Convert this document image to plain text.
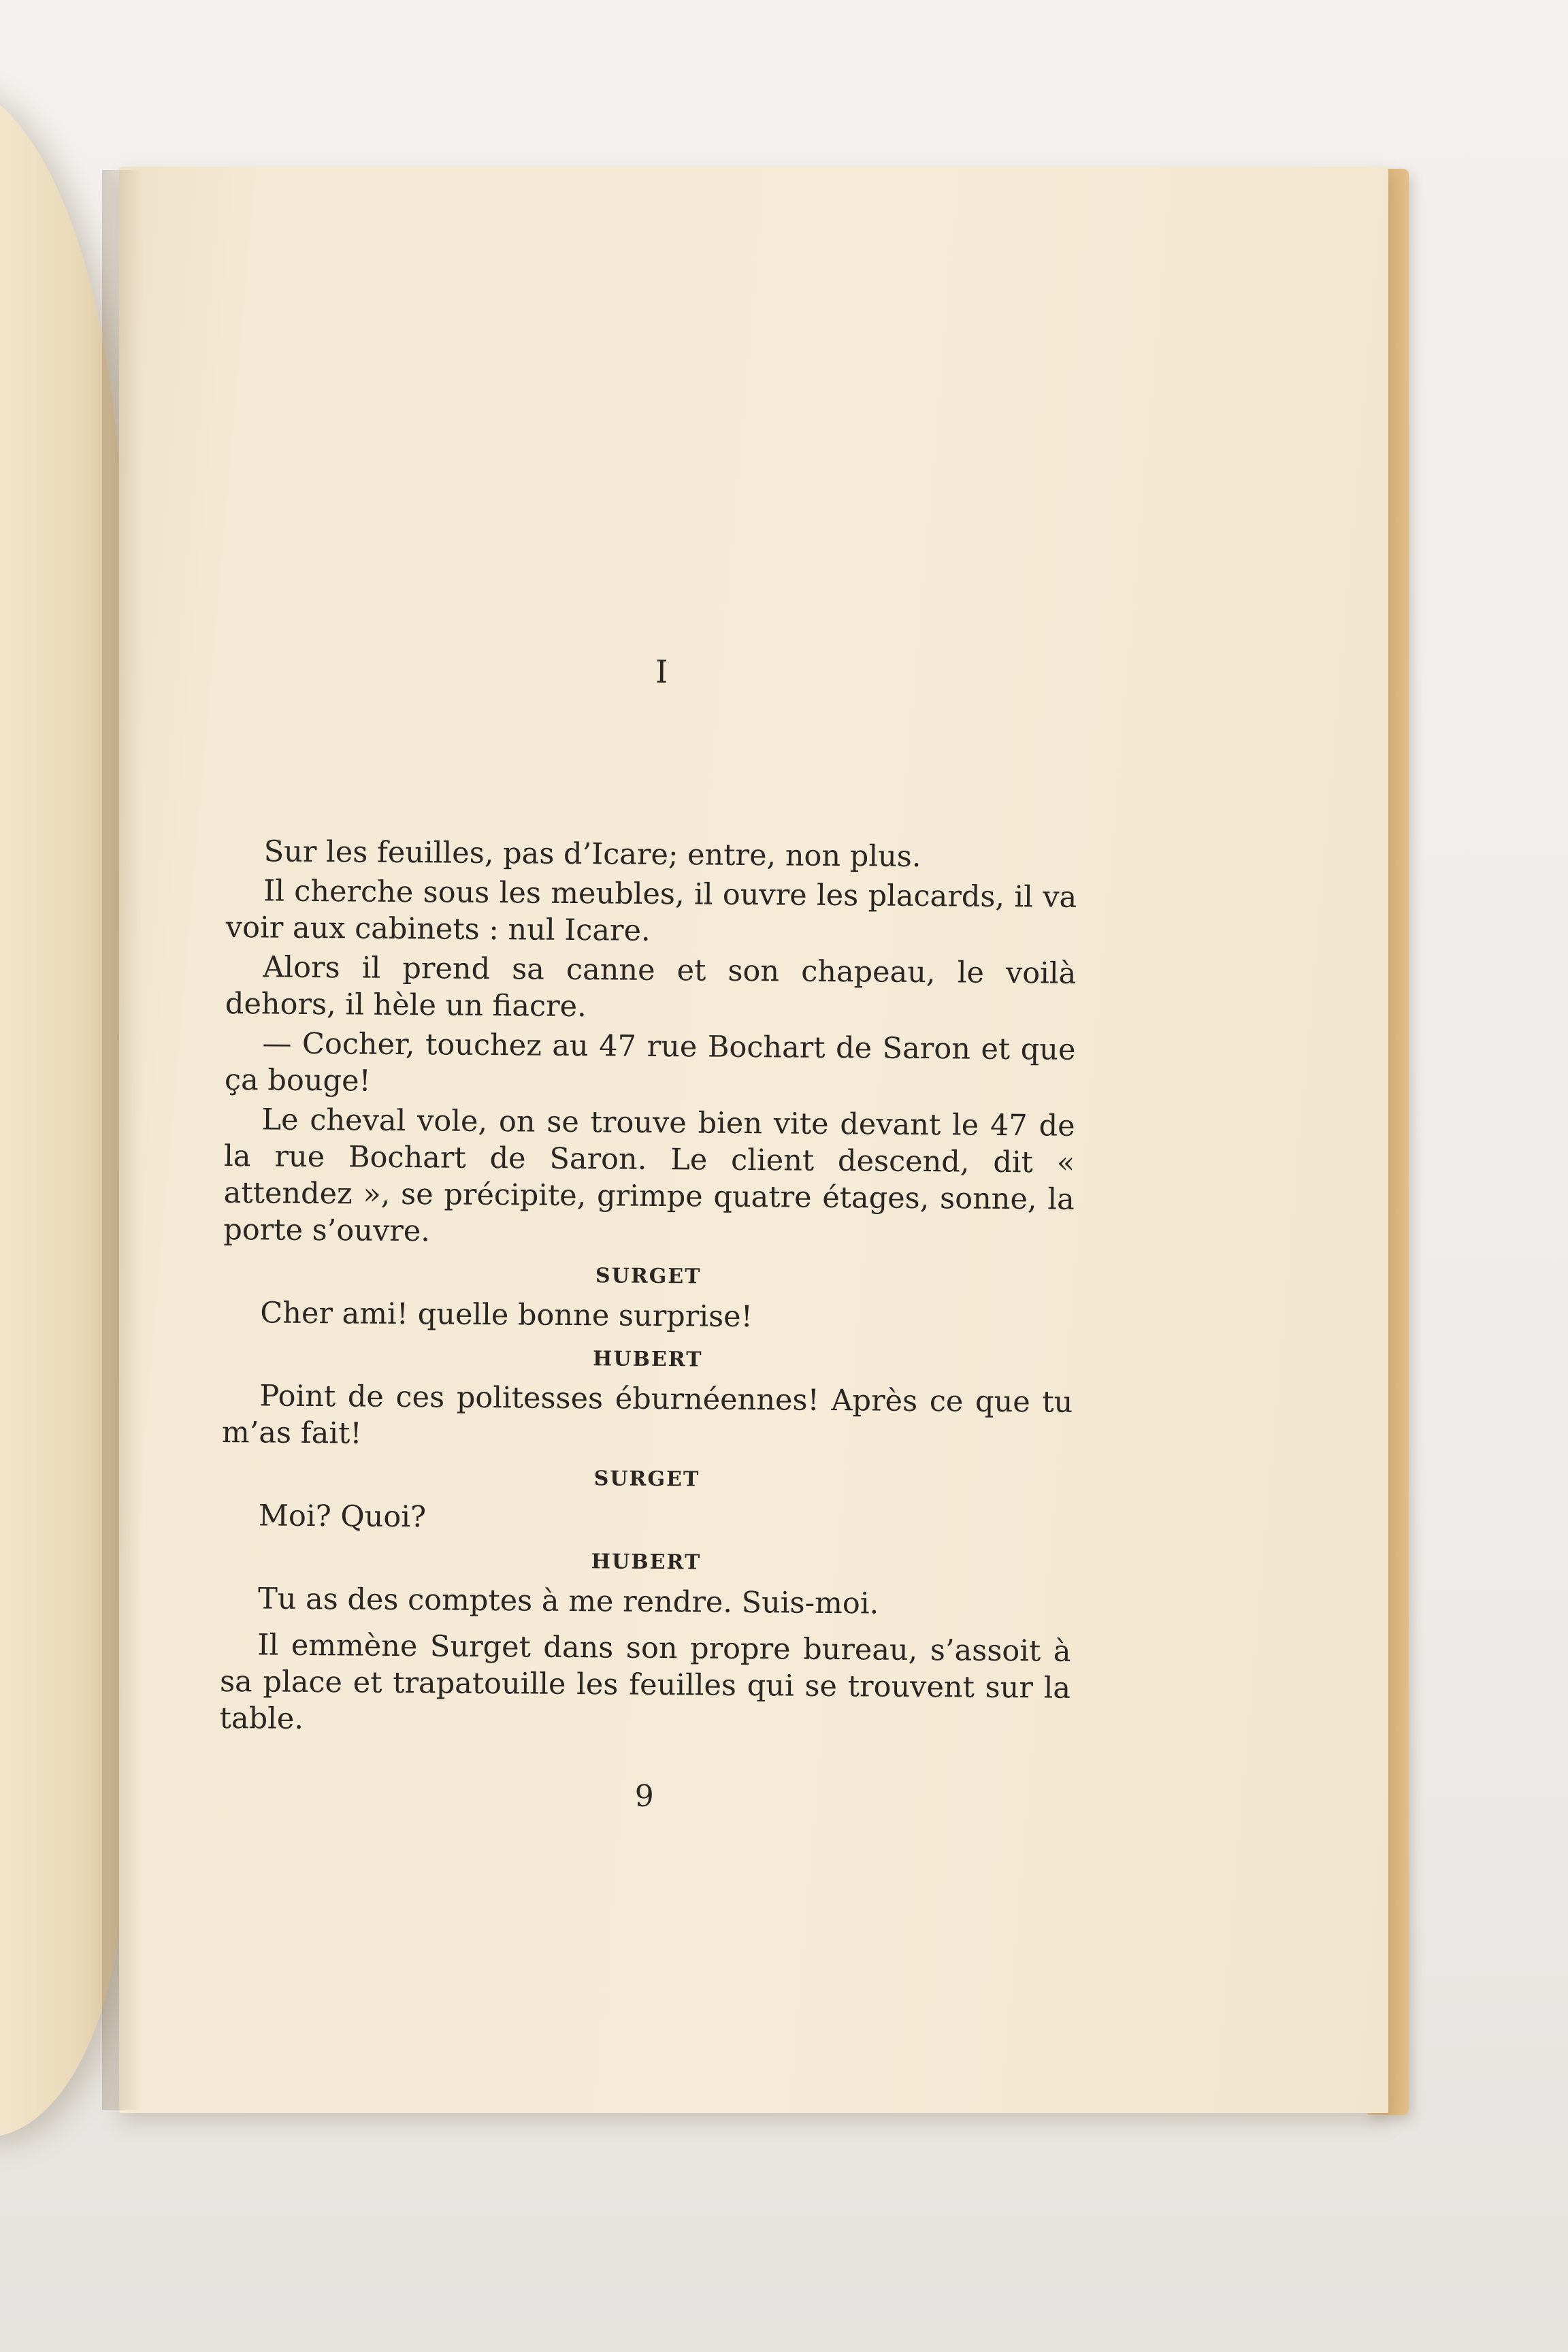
I

Sur les feuilles, pas d’Icare; entre, non plus.

Il cherche sous les meubles, il ouvre les placards, il va voir aux cabinets : nul Icare.

Alors il prend sa canne et son chapeau, le voilà dehors, il hèle un fiacre.

— Cocher, touchez au 47 rue Bochart de Saron et que ça bouge!

Le cheval vole, on se trouve bien vite devant le 47 de la rue Bochart de Saron. Le client descend, dit « attendez », se précipite, grimpe quatre étages, sonne, la porte s’ouvre.

SURGET

Cher ami! quelle bonne surprise!

HUBERT

Point de ces politesses éburnéennes! Après ce que tu m’as fait!

SURGET

Moi? Quoi?

HUBERT

Tu as des comptes à me rendre. Suis-moi.

Il emmène Surget dans son propre bureau, s’assoit à sa place et trapatouille les feuilles qui se trouvent sur la table.

9
